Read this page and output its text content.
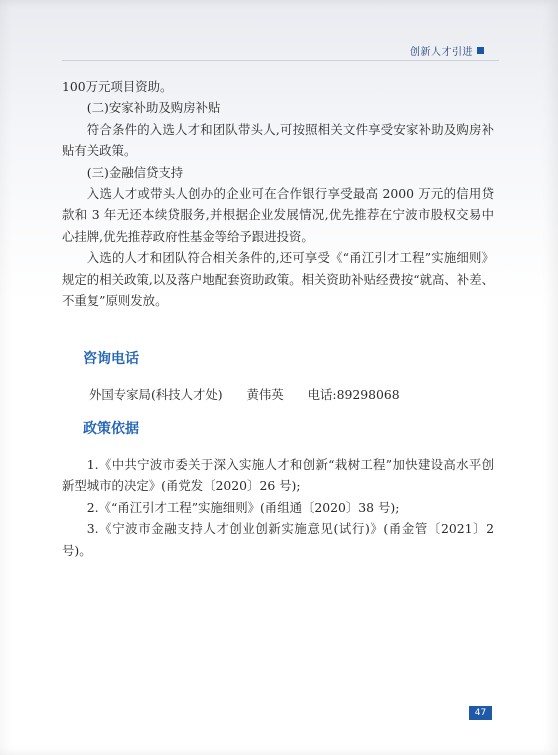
创新人才引进

100万元项目资助。

(二)安家补助及购房补贴

符合条件的入选人才和团队带头人,可按照相关文件享受安家补助及购房补贴有关政策。

(三)金融信贷支持

入选人才或带头人创办的企业可在合作银行享受最高 2000 万元的信用贷款和 3 年无还本续贷服务,并根据企业发展情况,优先推荐在宁波市股权交易中心挂牌,优先推荐政府性基金等给予跟进投资。

入选的人才和团队符合相关条件的,还可享受《“甬江引才工程”实施细则》规定的相关政策,以及落户地配套资助政策。相关资助补贴经费按“就高、补差、不重复”原则发放。

咨询电话
外国专家局(科技人才处) 黄伟英 电话:89298068
政策依据

1.《中共宁波市委关于深入实施人才和创新“栽树工程”加快建设高水平创新型城市的决定》(甬党发〔2020〕26 号);

2.《“甬江引才工程”实施细则》(甬组通〔2020〕38 号);

3.《宁波市金融支持人才创业创新实施意见(试行)》(甬金管〔2021〕2 号)。

47
